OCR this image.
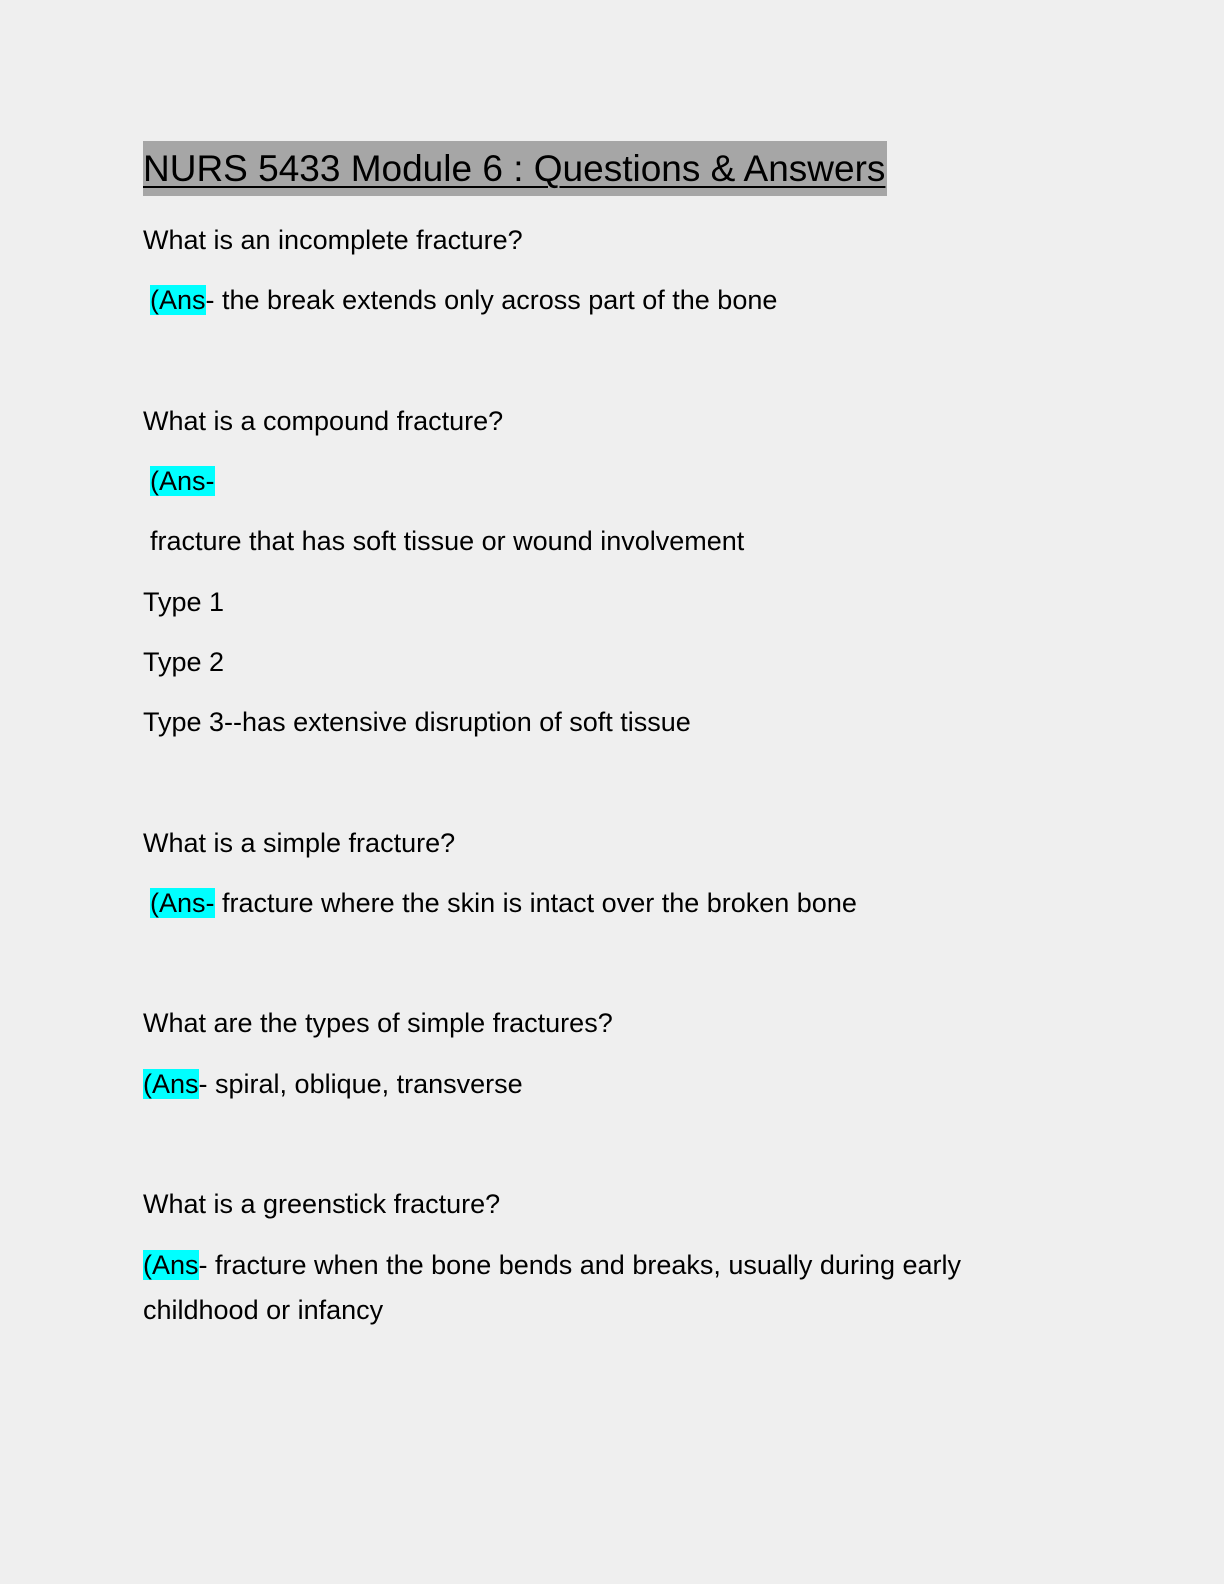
NURS 5433 Module 6 : Questions & Answers
What is an incomplete fracture?
(Ans- the break extends only across part of the bone
What is a compound fracture?
(Ans-
fracture that has soft tissue or wound involvement
Type 1
Type 2
Type 3--has extensive disruption of soft tissue
What is a simple fracture?
(Ans- fracture where the skin is intact over the broken bone
What are the types of simple fractures?
(Ans- spiral, oblique, transverse
What is a greenstick fracture?
(Ans- fracture when the bone bends and breaks, usually during early
childhood or infancy
